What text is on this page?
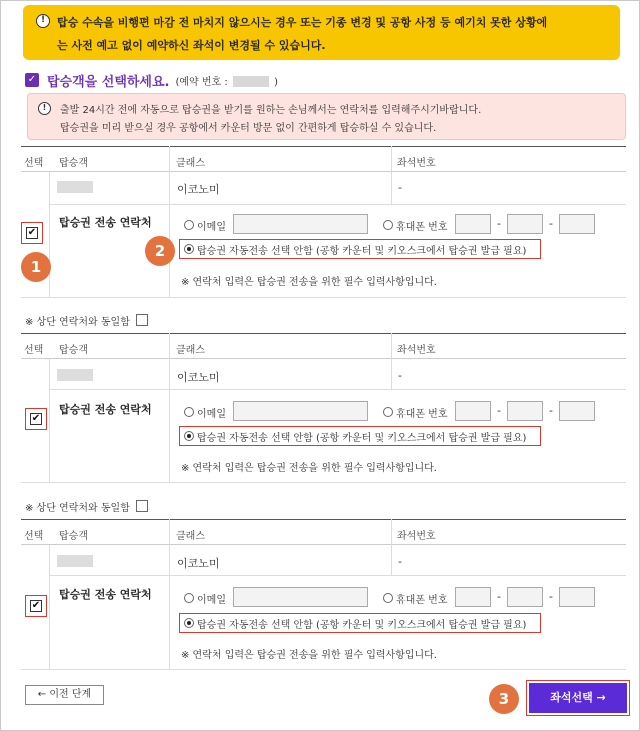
!	탑승 수속을 비행편 마감 전 마치지 않으시는 경우 또는 기종 변경 및 공항 사정 등 예기치 못한 상황에
는 사전 예고 없이 예약하신 좌석이 변경될 수 있습니다.
✓ 탑승객을 선택하세요. (예약 번호 :	)
!	출발 24시간 전에 자동으로 탑승권을 받기를 원하는 손님께서는 연락처를 입력해주시기바랍니다.
탑승권을 미리 받으실 경우 공항에서 카운터 방문 없이 간편하게 탑승하실 수 있습니다.
선택 탑승객	클래스	좌석번호
이코노미	-
탑승권 전송 연락처
✔	이메일	휴대폰 번호	-	-
탑승권 자동전송 선택 안함 (공항 카운터 및 키오스크에서 탑승권 발급 필요)
※ 연락처 입력은 탑승권 전송을 위한 필수 입력사항입니다.
※ 상단 연락처와 동일함
선택 탑승객	클래스	좌석번호
이코노미	-
탑승권 전송 연락처
✔	이메일	휴대폰 번호	-	-
탑승권 자동전송 선택 안함 (공항 카운터 및 키오스크에서 탑승권 발급 필요)
※ 연락처 입력은 탑승권 전송을 위한 필수 입력사항입니다.
※ 상단 연락처와 동일함
선택 탑승객	클래스	좌석번호
이코노미	-
탑승권 전송 연락처
✔	이메일	휴대폰 번호	-	-
탑승권 자동전송 선택 안함 (공항 카운터 및 키오스크에서 탑승권 발급 필요)
※ 연락처 입력은 탑승권 전송을 위한 필수 입력사항입니다.
1
2
3
← 이전 단계	좌석선택 →
